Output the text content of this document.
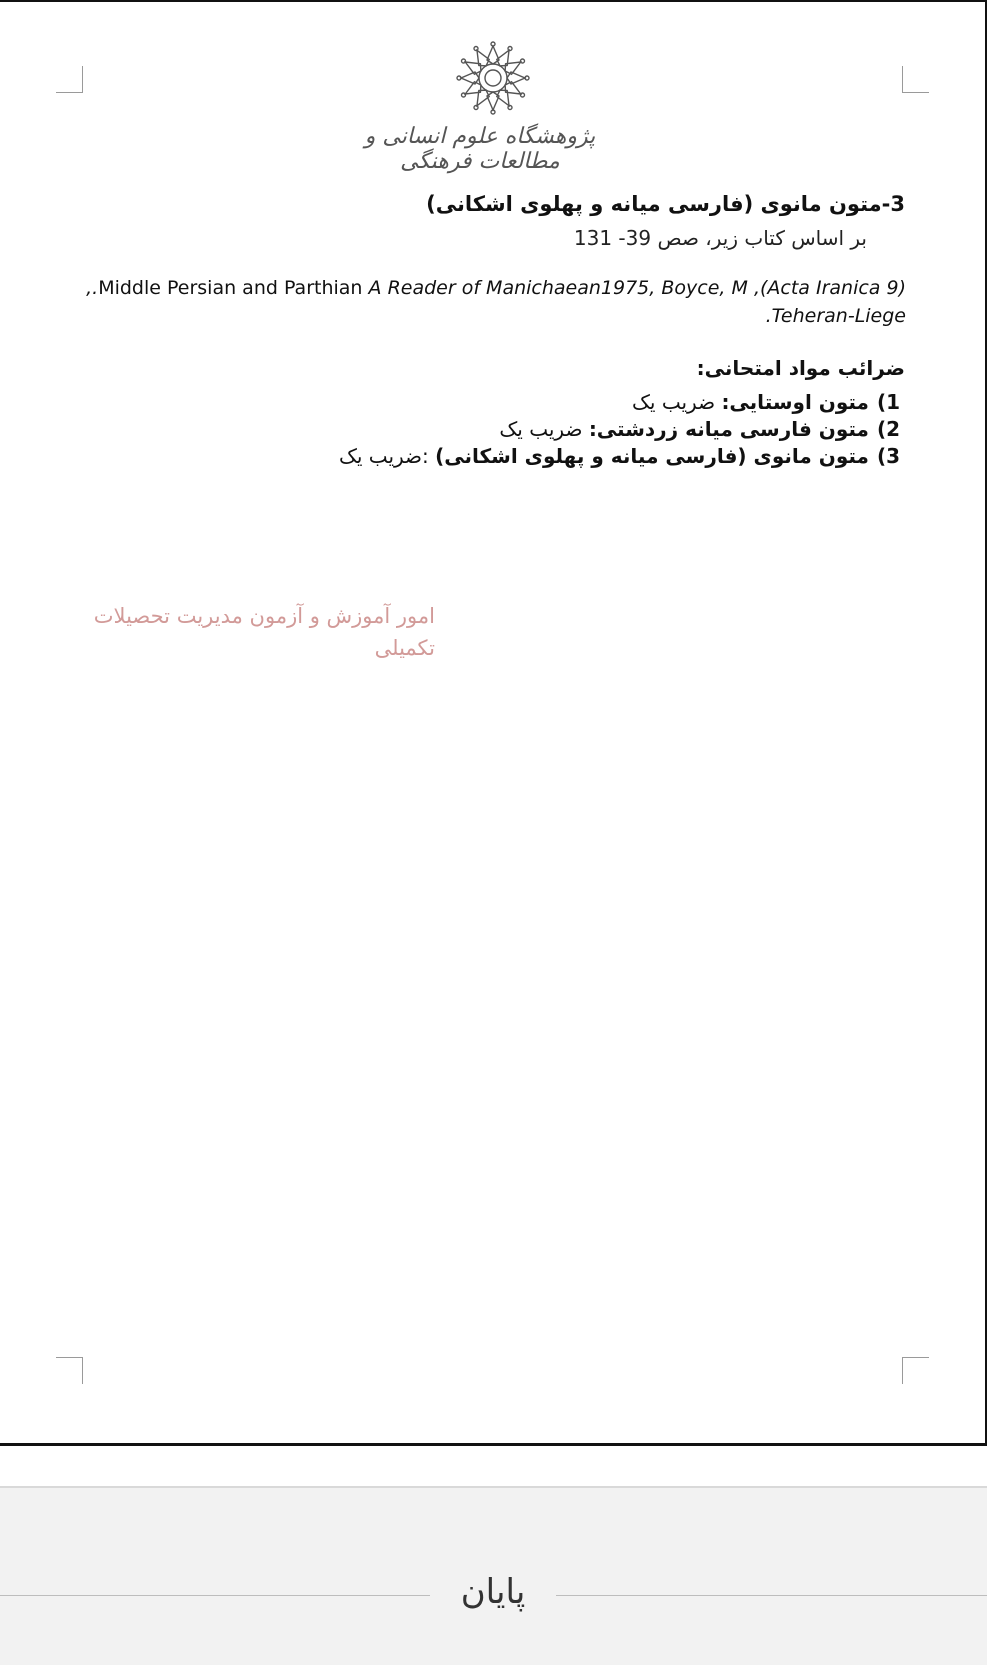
پژوهشگاه علوم انسانی و مطالعات فرهنگی
3-متون مانوی (فارسی میانه و پهلوی اشکانی)
بر اساس کتاب زیر، صص 39- 131
(Acta Iranica 9), Middle Persian and Parthian A Reader of Manichaean1975, Boyce, M.,
Teheran-Liege.
ضرائب مواد امتحانی:
1)متون اوستایی: ضریب یک
2)متون فارسی میانه زردشتی: ضریب یک
3)متون مانوی (فارسی میانه و پهلوی اشکانی) :ضریب یک
امور آموزش و آزمون مدیریت تحصیلات تکمیلی
پایان
